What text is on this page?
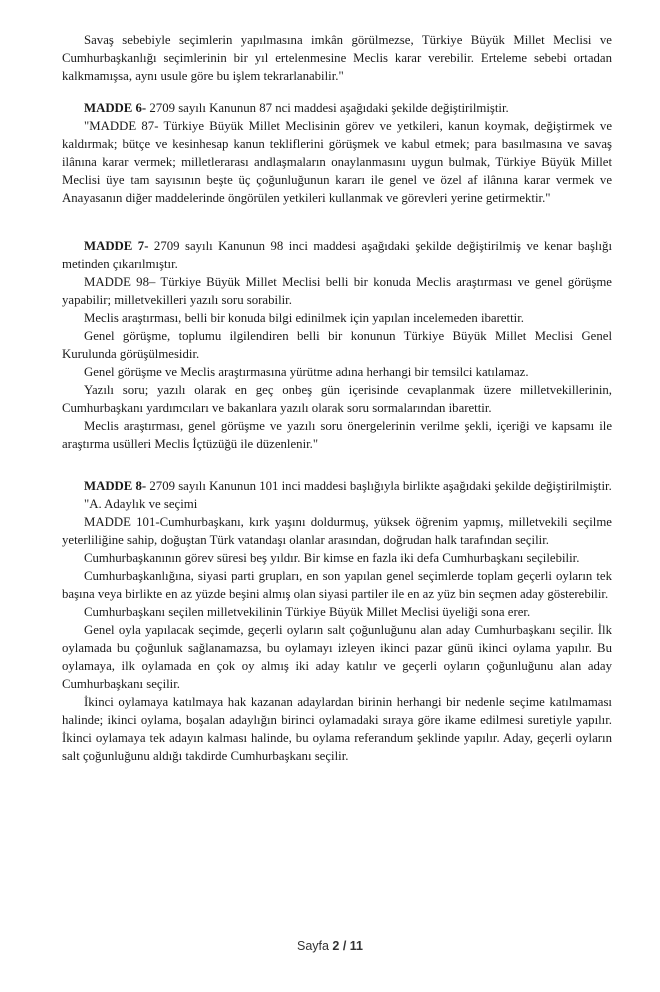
Savaş sebebiyle seçimlerin yapılmasına imkân görülmezse, Türkiye Büyük Millet Meclisi ve Cumhurbaşkanlığı seçimlerinin bir yıl ertelenmesine Meclis karar verebilir. Erteleme sebebi ortadan kalkmamışsa, aynı usule göre bu işlem tekrarlanabilir."

MADDE 6- 2709 sayılı Kanunun 87 nci maddesi aşağıdaki şekilde değiştirilmiştir.

"MADDE 87- Türkiye Büyük Millet Meclisinin görev ve yetkileri, kanun koymak, değiştirmek ve kaldırmak; bütçe ve kesinhesap kanun tekliflerini görüşmek ve kabul etmek; para basılmasına ve savaş ilânına karar vermek; milletlerarası andlaşmaların onaylanmasını uygun bulmak, Türkiye Büyük Millet Meclisi üye tam sayısının beşte üç çoğunluğunun kararı ile genel ve özel af ilânına karar vermek ve Anayasanın diğer maddelerinde öngörülen yetkileri kullanmak ve görevleri yerine getirmektir."

MADDE 7- 2709 sayılı Kanunun 98 inci maddesi aşağıdaki şekilde değiştirilmiş ve kenar başlığı metinden çıkarılmıştır.

MADDE 98– Türkiye Büyük Millet Meclisi belli bir konuda Meclis araştırması ve genel görüşme yapabilir; milletvekilleri yazılı soru sorabilir.

Meclis araştırması, belli bir konuda bilgi edinilmek için yapılan incelemeden ibarettir.

Genel görüşme, toplumu ilgilendiren belli bir konunun Türkiye Büyük Millet Meclisi Genel Kurulunda görüşülmesidir.

Genel görüşme ve Meclis araştırmasına yürütme adına herhangi bir temsilci katılamaz.

Yazılı soru; yazılı olarak en geç onbeş gün içerisinde cevaplanmak üzere milletvekillerinin, Cumhurbaşkanı yardımcıları ve bakanlara yazılı olarak soru sormalarından ibarettir.

Meclis araştırması, genel görüşme ve yazılı soru önergelerinin verilme şekli, içeriği ve kapsamı ile araştırma usülleri Meclis İçtüzüğü ile düzenlenir."

MADDE 8- 2709 sayılı Kanunun 101 inci maddesi başlığıyla birlikte aşağıdaki şekilde değiştirilmiştir.

"A. Adaylık ve seçimi

MADDE 101-Cumhurbaşkanı, kırk yaşını doldurmuş, yüksek öğrenim yapmış, milletvekili seçilme yeterliliğine sahip, doğuştan Türk vatandaşı olanlar arasından, doğrudan halk tarafından seçilir.

Cumhurbaşkanının görev süresi beş yıldır. Bir kimse en fazla iki defa Cumhurbaşkanı seçilebilir.

Cumhurbaşkanlığına, siyasi parti grupları, en son yapılan genel seçimlerde toplam geçerli oyların tek başına veya birlikte en az yüzde beşini almış olan siyasi partiler ile en az yüz bin seçmen aday gösterebilir.

Cumhurbaşkanı seçilen milletvekilinin Türkiye Büyük Millet Meclisi üyeliği sona erer.

Genel oyla yapılacak seçimde, geçerli oyların salt çoğunluğunu alan aday Cumhurbaşkanı seçilir. İlk oylamada bu çoğunluk sağlanamazsa, bu oylamayı izleyen ikinci pazar günü ikinci oylama yapılır. Bu oylamaya, ilk oylamada en çok oy almış iki aday katılır ve geçerli oyların çoğunluğunu alan aday Cumhurbaşkanı seçilir.

İkinci oylamaya katılmaya hak kazanan adaylardan birinin herhangi bir nedenle seçime katılmaması halinde; ikinci oylama, boşalan adaylığın birinci oylamadaki sıraya göre ikame edilmesi suretiyle yapılır. İkinci oylamaya tek adayın kalması halinde, bu oylama referandum şeklinde yapılır. Aday, geçerli oyların salt çoğunluğunu aldığı takdirde Cumhurbaşkanı seçilir.

Sayfa 2 / 11
